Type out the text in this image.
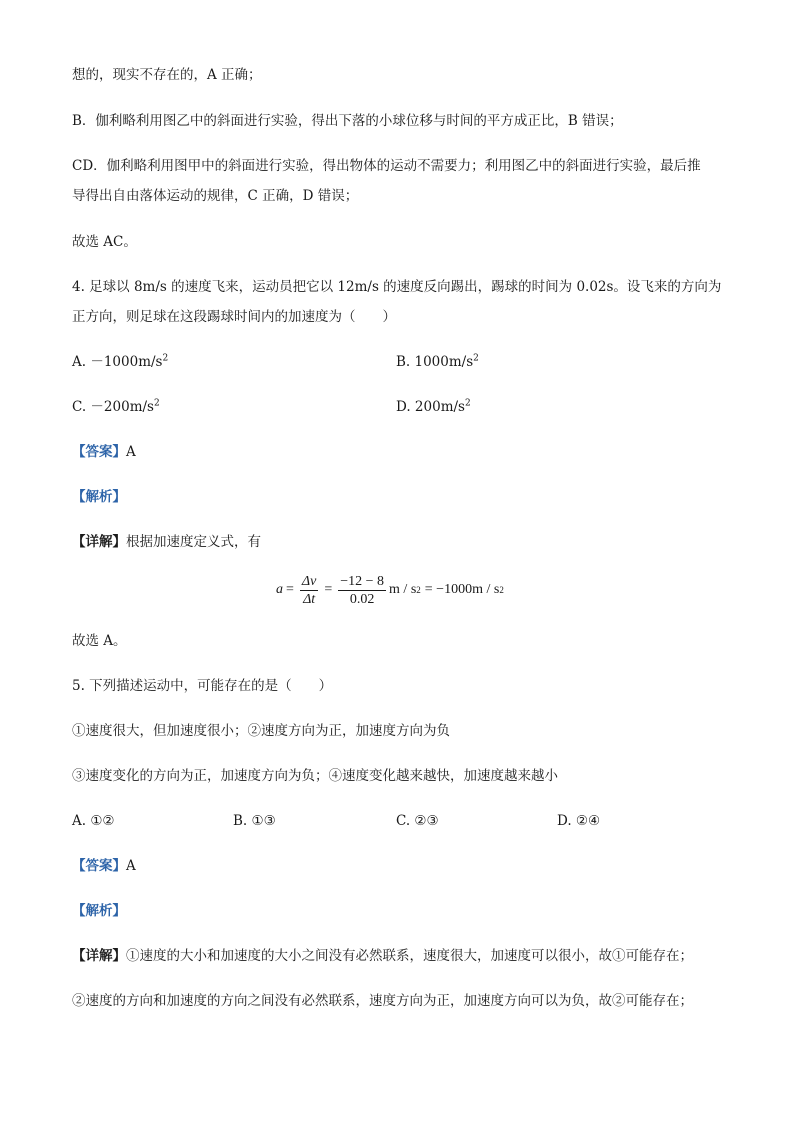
想的，现实不存在的，A 正确；
B．伽利略利用图乙中的斜面进行实验，得出下落的小球位移与时间的平方成正比，B 错误；
CD．伽利略利用图甲中的斜面进行实验，得出物体的运动不需要力；利用图乙中的斜面进行实验，最后推
导得出自由落体运动的规律，C 正确，D 错误；
故选 AC。
4. 足球以 8m/s 的速度飞来，运动员把它以 12m/s 的速度反向踢出，踢球的时间为 0.02s。设飞来的方向为
正方向，则足球在这段踢球时间内的加速度为（　　）
A. $-1000m/s^2$	B. $1000m/s^2$
C. $-200m/s^2$	D. $200m/s^2$
【答案】A
【解析】
【详解】根据加速度定义式，有
$a = \frac{\Delta v}{\Delta t} = \frac{-12 - 8}{0.02}$ m / s 2 = −1000m / s 2
故选 A。
5. 下列描述运动中，可能存在的是（　　）
①速度很大，但加速度很小；②速度方向为正，加速度方向为负
③速度变化的方向为正，加速度方向为负；④速度变化越来越快，加速度越来越小
A. ①②	B. ①③	C. ②③	D. ②④
【答案】A
【解析】
【详解】①速度的大小和加速度的大小之间没有必然联系，速度很大，加速度可以很小，故①可能存在；
②速度的方向和加速度的方向之间没有必然联系，速度方向为正，加速度方向可以为负，故②可能存在；
